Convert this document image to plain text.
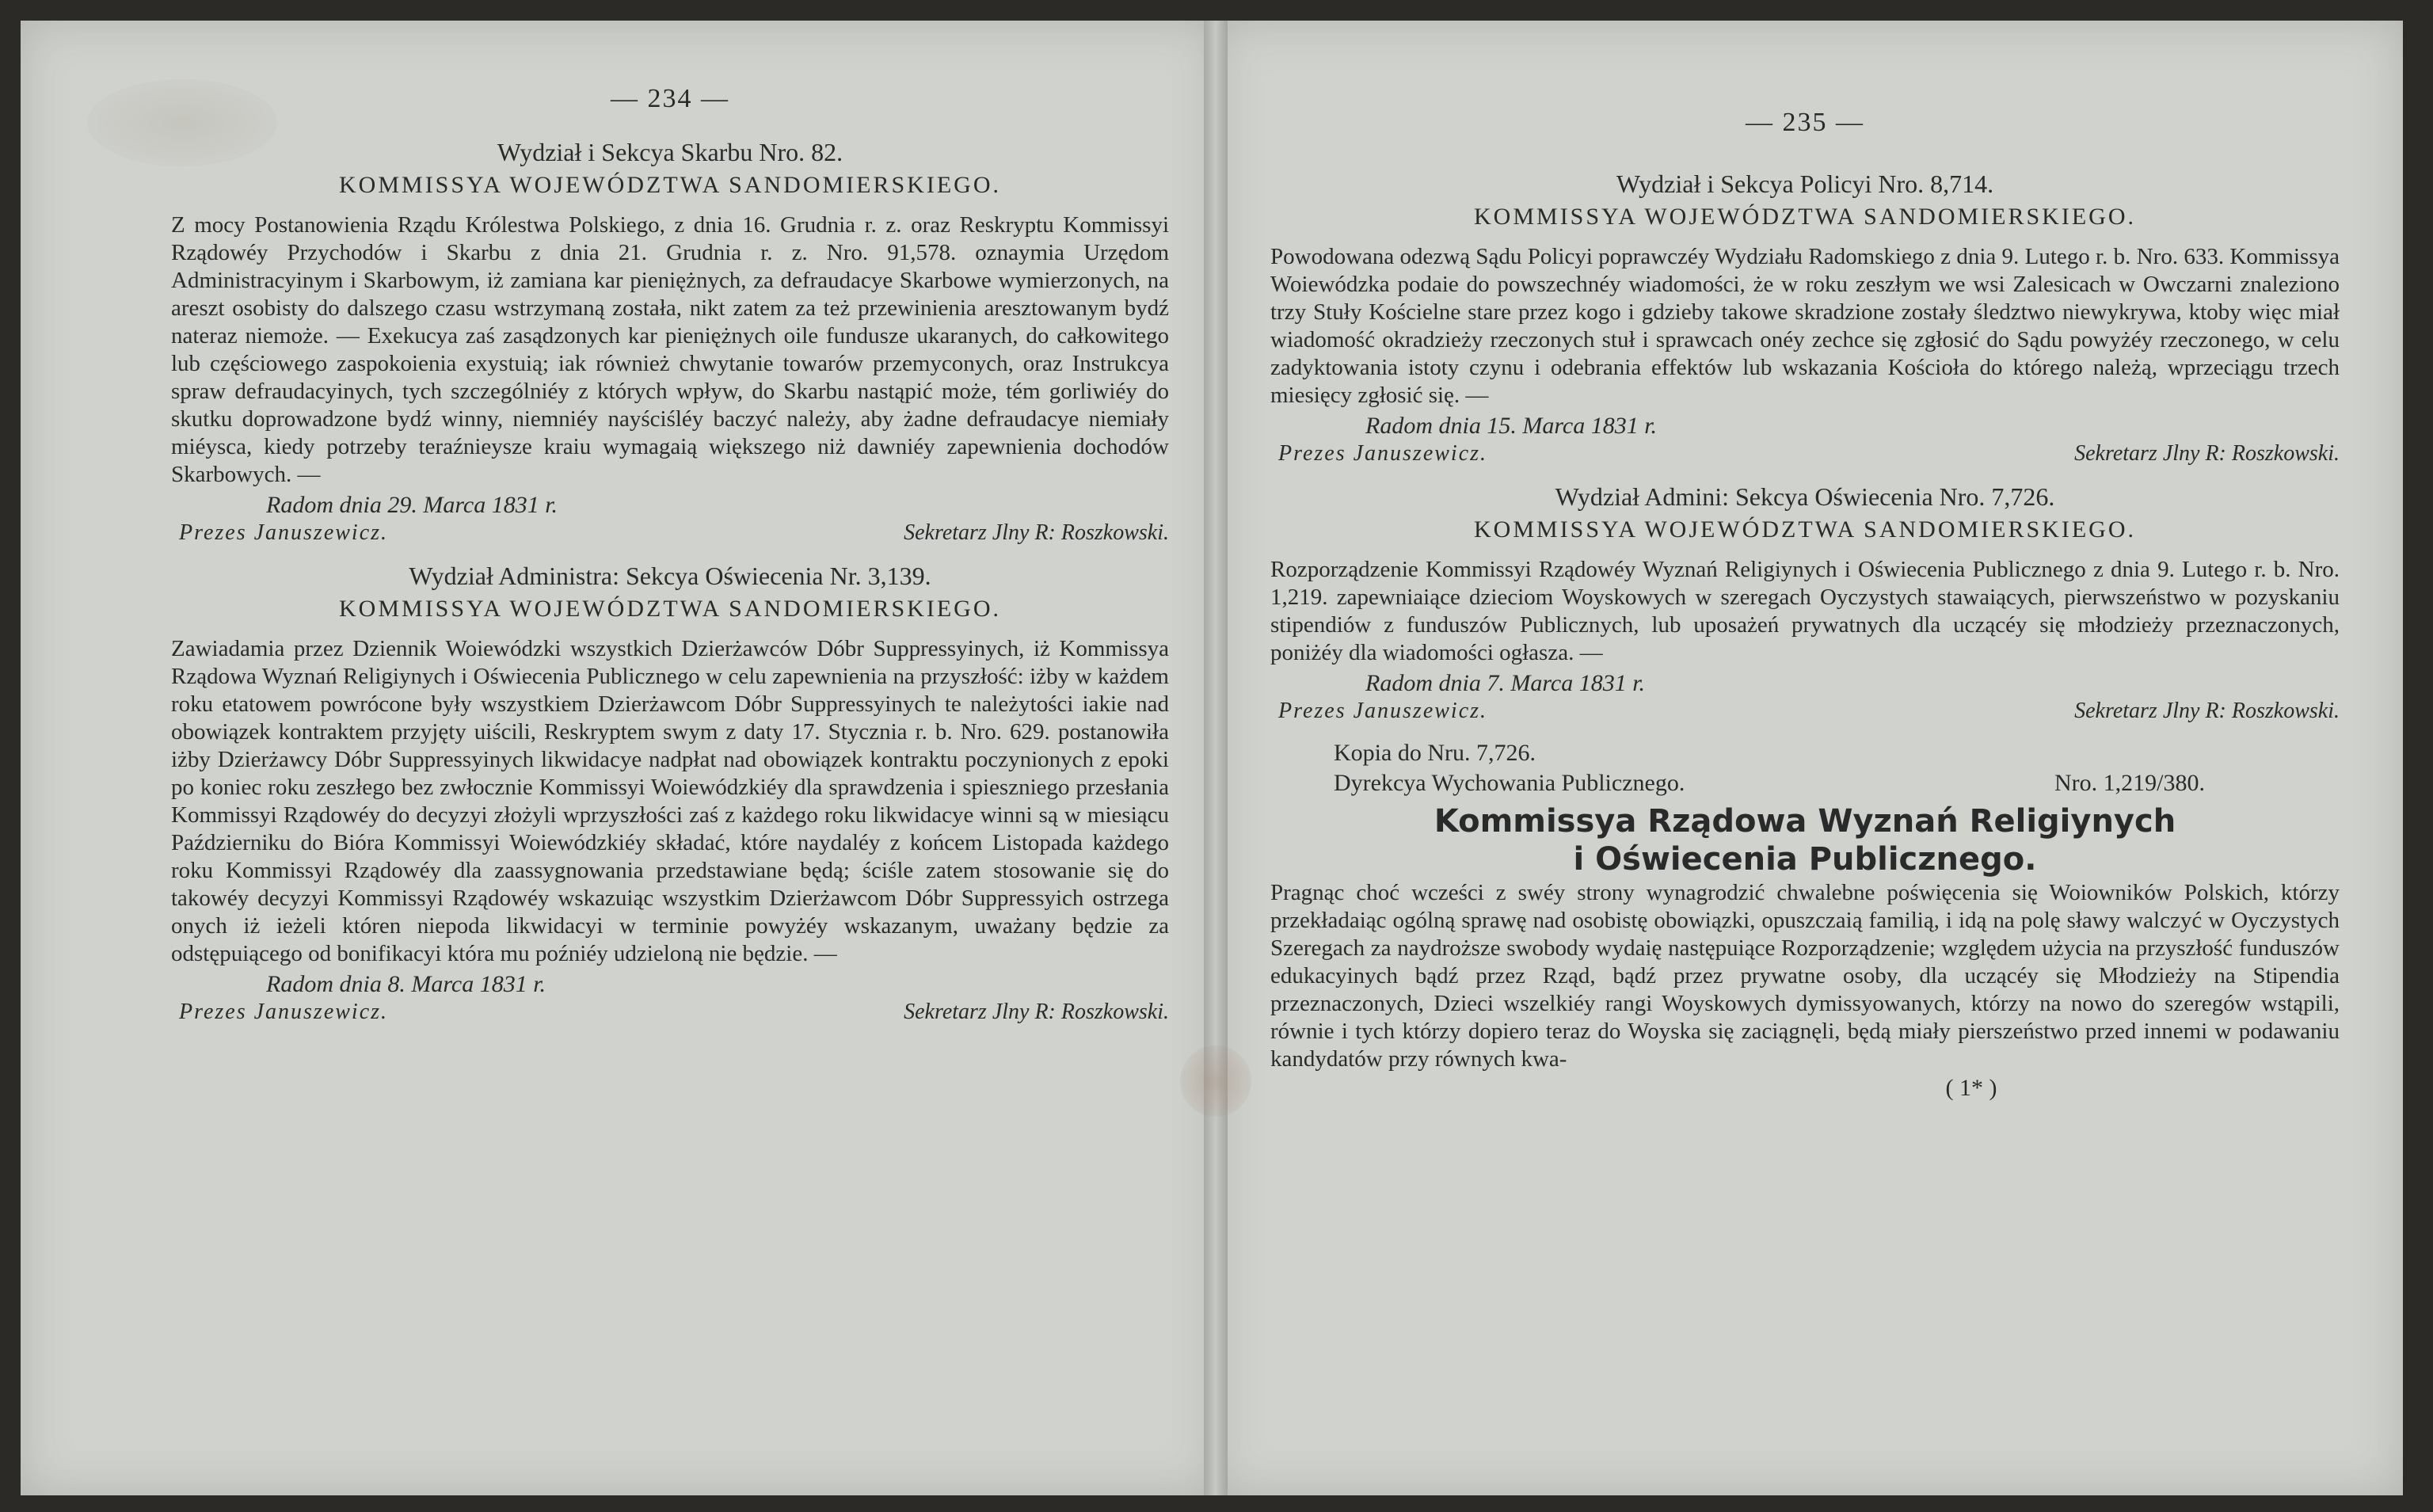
— 234 —
Wydział i Sekcya Skarbu Nro. 82.
KOMMISSYA WOJEWÓDZTWA SANDOMIERSKIEGO.

Z mocy Postanowienia Rządu Królestwa Polskiego, z dnia 16. Grudnia r. z. oraz Reskryptu Kommissyi Rządowéy Przychodów i Skarbu z dnia 21. Grudnia r. z. Nro. 91,578. oznaymia Urzędom Administracyinym i Skarbowym, iż zamiana kar pieniężnych, za defraudacye Skarbowe wymierzonych, na areszt osobisty do dalszego czasu wstrzymaną została, nikt zatem za też przewinienia aresztowanym bydź nateraz niemoże. — Exekucya zaś zasądzonych kar pieniężnych oile fundusze ukaranych, do całkowitego lub częściowego zaspokoienia exystuią; iak również chwytanie towarów przemyconych, oraz Instrukcya spraw defraudacyinych, tych szczególniéy z których wpływ, do Skarbu nastąpić może, tém gorliwiéy do skutku doprowadzone bydź winny, niemniéy nayściśléy baczyć należy, aby żadne defraudacye niemiały miéysca, kiedy potrzeby teraźnieysze kraiu wymagaią większego niż dawniéy zapewnienia dochodów Skarbowych. —

Radom dnia 29. Marca 1831 r.
Prezes Januszewicz.	Sekretarz Jlny R: Roszkowski.
Wydział Administra: Sekcya Oświecenia Nr. 3,139.
KOMMISSYA WOJEWÓDZTWA SANDOMIERSKIEGO.

Zawiadamia przez Dziennik Woiewódzki wszystkich Dzierżawców Dóbr Suppressyinych, iż Kommissya Rządowa Wyznań Religiynych i Oświecenia Publicznego w celu zapewnienia na przyszłość: iżby w każdem roku etatowem powrócone były wszystkiem Dzierżawcom Dóbr Suppressyinych te należytości iakie nad obowiązek kontraktem przyjęty uiścili, Reskryptem swym z daty 17. Stycznia r. b. Nro. 629. postanowiła iżby Dzierżawcy Dóbr Suppressyinych likwidacye nadpłat nad obowiązek kontraktu poczynionych z epoki po koniec roku zeszłego bez zwłocznie Kommissyi Woiewódzkiéy dla sprawdzenia i spieszniego przesłania Kommissyi Rządowéy do decyzyi złożyli wprzyszłości zaś z każdego roku likwidacye winni są w miesiącu Październiku do Bióra Kommissyi Woiewódzkiéy składać, które naydaléy z końcem Listopada każdego roku Kommissyi Rządowéy dla zaassygnowania przedstawiane będą; ściśle zatem stosowanie się do takowéy decyzyi Kommissyi Rządowéy wskazuiąc wszystkim Dzierżawcom Dóbr Suppressyich ostrzega onych iż ieżeli któren niepoda likwidacyi w terminie powyżéy wskazanym, uważany będzie za odstępuiącego od bonifikacyi która mu poźniéy udzieloną nie będzie. —

Radom dnia 8. Marca 1831 r.
Prezes Januszewicz.	Sekretarz Jlny R: Roszkowski.
— 235 —
Wydział i Sekcya Policyi Nro. 8,714.
KOMMISSYA WOJEWÓDZTWA SANDOMIERSKIEGO.

Powodowana odezwą Sądu Policyi poprawczéy Wydziału Radomskiego z dnia 9. Lutego r. b. Nro. 633. Kommissya Woiewódzka podaie do powszechnéy wiadomości, że w roku zeszłym we wsi Zalesicach w Owczarni znaleziono trzy Stuły Kościelne stare przez kogo i gdzieby takowe skradzione zostały śledztwo niewykrywa, ktoby więc miał wiadomość okradzieży rzeczonych stuł i sprawcach onéy zechce się zgłosić do Sądu powyżéy rzeczonego, w celu zadyktowania istoty czynu i odebrania effektów lub wskazania Kościoła do którego należą, wprzeciągu trzech miesięcy zgłosić się. —

Radom dnia 15. Marca 1831 r.
Prezes Januszewicz.	Sekretarz Jlny R: Roszkowski.
Wydział Admini: Sekcya Oświecenia Nro. 7,726.
KOMMISSYA WOJEWÓDZTWA SANDOMIERSKIEGO.

Rozporządzenie Kommissyi Rządowéy Wyznań Religiynych i Oświecenia Publicznego z dnia 9. Lutego r. b. Nro. 1,219. zapewniaiące dzieciom Woyskowych w szeregach Oyczystych stawaiących, pierwszeństwo w pozyskaniu stipendiów z funduszów Publicznych, lub uposażeń prywatnych dla uczącéy się młodzieży przeznaczonych, poniżéy dla wiadomości ogłasza. —

Radom dnia 7. Marca 1831 r.
Prezes Januszewicz.	Sekretarz Jlny R: Roszkowski.
Kopia do Nru. 7,726.
Dyrekcya Wychowania Publicznego.	Nro. 1,219/380.
Kommissya Rządowa Wyznań Religiynych
i Oświecenia Publicznego.

Pragnąc choć wcześci z swéy strony wynagrodzić chwalebne poświęcenia się Woiowników Polskich, którzy przekładaiąc ogólną sprawę nad osobistę obowiązki, opuszczaią familią, i idą na polę sławy walczyć w Oyczystych Szeregach za naydroższe swobody wydaię następuiące Rozporządzenie; względem użycia na przyszłość funduszów edukacyinych bądź przez Rząd, bądź przez prywatne osoby, dla uczącéy się Młodzieży na Stipendia przeznaczonych, Dzieci wszelkiéy rangi Woyskowych dymissyowanych, którzy na nowo do szeregów wstąpili, równie i tych którzy dopiero teraz do Woyska się zaciągnęli, będą miały pierszeństwo przed innemi w podawaniu kandydatów przy równych kwa-

( 1* )
